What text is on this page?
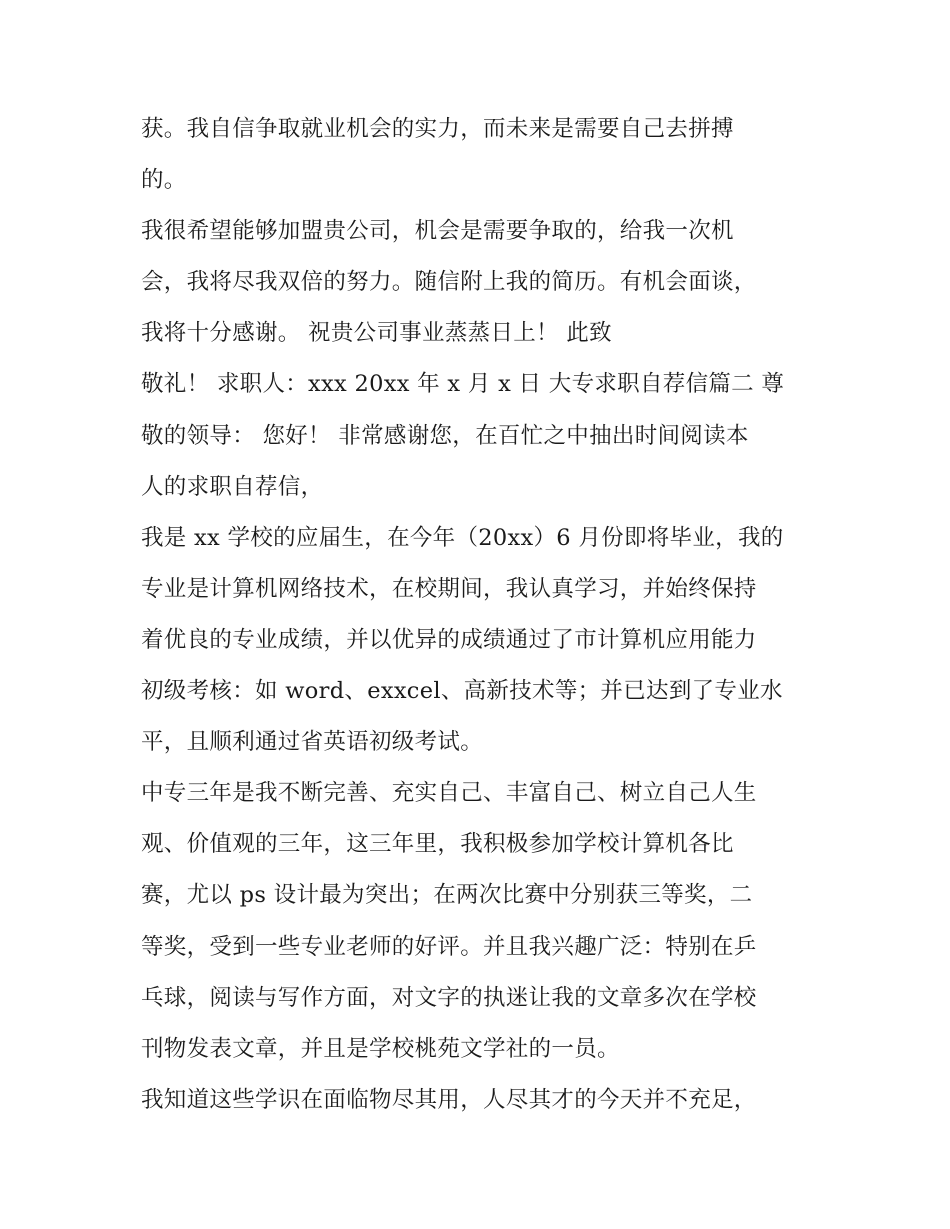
获。我自信争取就业机会的实力，而未来是需要自己去拼搏
的。
我很希望能够加盟贵公司，机会是需要争取的，给我一次机
会，我将尽我双倍的努力。随信附上我的简历。有机会面谈，
我将十分感谢。 祝贵公司事业蒸蒸日上！ 此致
敬礼！ 求职人：xxx 20xx 年 x 月 x 日 大专求职自荐信篇二 尊
敬的领导： 您好！ 非常感谢您，在百忙之中抽出时间阅读本
人的求职自荐信，
我是 xx 学校的应届生，在今年（20xx）6 月份即将毕业，我的
专业是计算机网络技术，在校期间，我认真学习，并始终保持
着优良的专业成绩，并以优异的成绩通过了市计算机应用能力
初级考核：如 word、exxcel、高新技术等；并已达到了专业水
平，且顺利通过省英语初级考试。
中专三年是我不断完善、充实自己、丰富自己、树立自己人生
观、价值观的三年，这三年里，我积极参加学校计算机各比
赛，尤以 ps 设计最为突出；在两次比赛中分别获三等奖，二
等奖，受到一些专业老师的好评。并且我兴趣广泛：特别在乒
乓球，阅读与写作方面，对文字的执迷让我的文章多次在学校
刊物发表文章，并且是学校桃苑文学社的一员。
我知道这些学识在面临物尽其用，人尽其才的今天并不充足，
